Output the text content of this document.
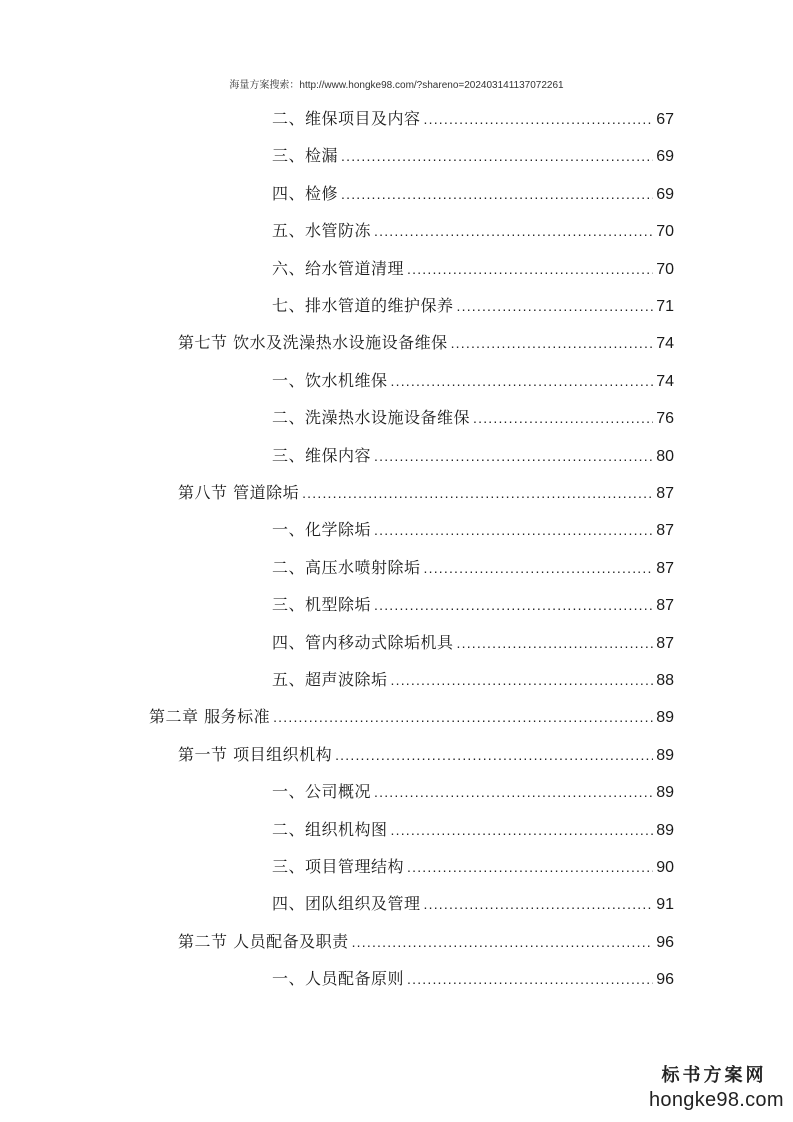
海量方案搜索：http://www.hongke98.com/?shareno=20240314113707226​1
二、维保项目及内容 .....	67
三、检漏 .....	69
四、检修 .....	69
五、水管防冻 .....	70
六、给水管道清理 .....	70
七、排水管道的维护保养 .....	71
第七节 饮水及洗澡热水设施设备维保 .....	74
一、饮水机维保 .....	74
二、洗澡热水设施设备维保 .....	76
三、维保内容 .....	80
第八节 管道除垢 .....	87
一、化学除垢 .....	87
二、高压水喷射除垢 .....	87
三、机型除垢 .....	87
四、管内移动式除垢机具 .....	87
五、超声波除垢 .....	88
第二章 服务标准 .....	89
第一节 项目组织机构 .....	89
一、公司概况 .....	89
二、组织机构图 .....	89
三、项目管理结构 .....	90
四、团队组织及管理 .....	91
第二节 人员配备及职责 .....	96
一、人员配备原则 .....	96
标书方案网
hongke98.com
